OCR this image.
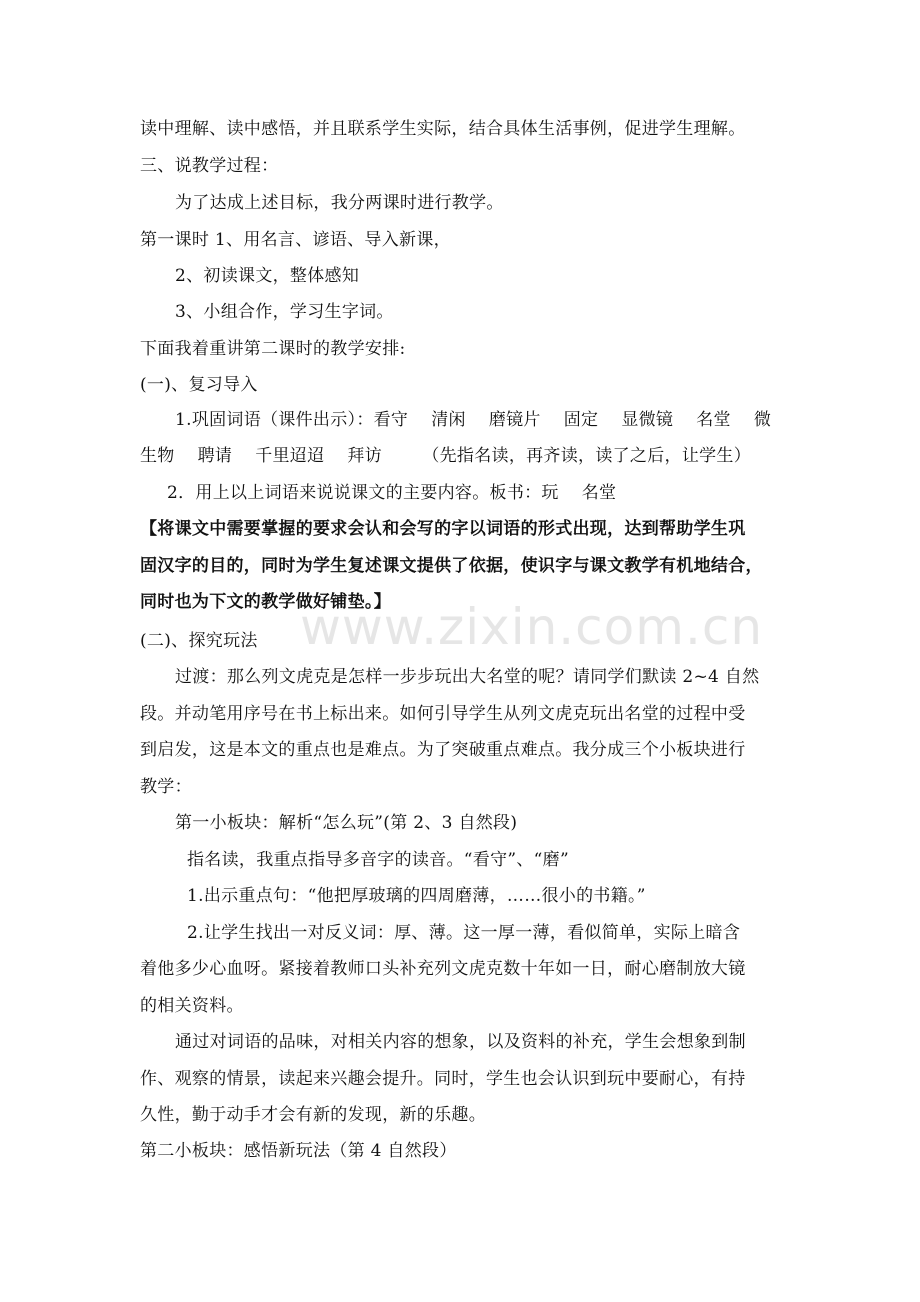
www.zixin.com.cn
读中理解、读中感悟，并且联系学生实际，结合具体生活事例，促进学生理解。
三、说教学过程：
为了达成上述目标，我分两课时进行教学。
第一课时 1、用名言、谚语、导入新课，
2、初读课文，整体感知
3、小组合作，学习生字词。
下面我着重讲第二课时的教学安排:
(一)、复习导入
1.巩固词语（课件出示）：看守　 清闲　 磨镜片　 固定　 显微镜　 名堂　 微
生物　 聘请　 千里迢迢　 拜访　　 （先指名读，再齐读，读了之后，让学生）
2．用上以上词语来说说课文的主要内容。板书：玩　 名堂
【将课文中需要掌握的要求会认和会写的字以词语的形式出现，达到帮助学生巩
固汉字的目的，同时为学生复述课文提供了依据，使识字与课文教学有机地结合，
同时也为下文的教学做好铺垫。】
(二)、探究玩法
过渡：那么列文虎克是怎样一步步玩出大名堂的呢？请同学们默读 2~4 自然
段。并动笔用序号在书上标出来。如何引导学生从列文虎克玩出名堂的过程中受
到启发，这是本文的重点也是难点。为了突破重点难点。我分成三个小板块进行
教学：
第一小板块：解析“怎么玩”(第 2、3 自然段)
指名读，我重点指导多音字的读音。“看守”、“磨”
1.出示重点句：“他把厚玻璃的四周磨薄，……很小的书籍。”
2.让学生找出一对反义词：厚、薄。这一厚一薄，看似简单，实际上暗含
着他多少心血呀。紧接着教师口头补充列文虎克数十年如一日，耐心磨制放大镜
的相关资料。
通过对词语的品味，对相关内容的想象，以及资料的补充，学生会想象到制
作、观察的情景，读起来兴趣会提升。同时，学生也会认识到玩中要耐心，有持
久性，勤于动手才会有新的发现，新的乐趣。
第二小板块：感悟新玩法（第 4 自然段）
